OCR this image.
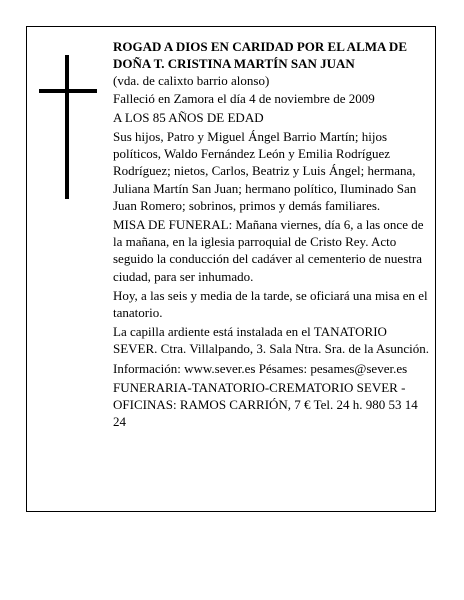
ROGAD A DIOS EN CARIDAD POR EL ALMA DE DOÑA T. CRISTINA MARTÍN SAN JUAN

(vda. de calixto barrio alonso)

Falleció en Zamora el día 4 de noviembre de 2009

A LOS 85 AÑOS DE EDAD

Sus hijos, Patro y Miguel Ángel Barrio Martín; hijos políticos, Waldo Fernández León y Emilia Rodríguez Rodríguez; nietos, Carlos, Beatriz y Luis Ángel; hermana, Juliana Martín San Juan; hermano político, Iluminado San Juan Romero; sobrinos, primos y demás familiares.

MISA DE FUNERAL: Mañana viernes, día 6, a las once de la mañana, en la iglesia parroquial de Cristo Rey. Acto seguido la conducción del cadáver al cementerio de nuestra ciudad, para ser inhumado.

Hoy, a las seis y media de la tarde, se oficiará una misa en el tanatorio.

La capilla ardiente está instalada en el TANATORIO SEVER. Ctra. Villalpando, 3. Sala Ntra. Sra. de la Asunción.

Información: www.sever.es Pésames: pesames@sever.es

FUNERARIA-TANATORIO-CREMATORIO SEVER - OFICINAS: RAMOS CARRIÓN, 7 € Tel. 24 h. 980 53 14 24
